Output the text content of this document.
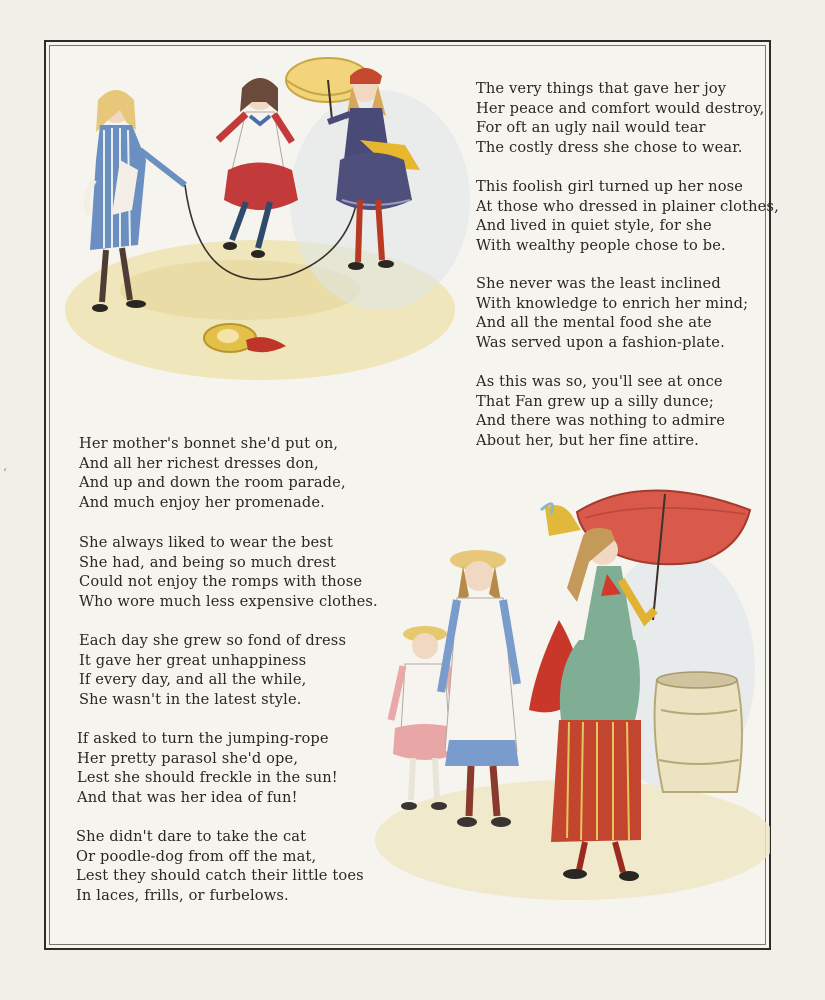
ʻ
The very things that gave her joy
Her peace and comfort would destroy,
For oft an ugly nail would tear
The costly dress she chose to wear.
This foolish girl turned up her nose
At those who dressed in plainer clothes,
And lived in quiet style, for she
With wealthy people chose to be.
She never was the least inclined
With knowledge to enrich her mind;
And all the mental food she ate
Was served upon a fashion-plate.
As this was so, you'll see at once
That Fan grew up a silly dunce;
And there was nothing to admire
About her, but her fine attire.
Her mother's bonnet she'd put on,
And all her richest dresses don,
And up and down the room parade,
And much enjoy her promenade.
She always liked to wear the best
She had, and being so much drest
Could not enjoy the romps with those
Who wore much less expensive clothes.
Each day she grew so fond of dress
It gave her great unhappiness
If every day, and all the while,
She wasn't in the latest style.
If asked to turn the jumping-rope
Her pretty parasol she'd ope,
Lest she should freckle in the sun!
And that was her idea of fun!
She didn't dare to take the cat
Or poodle-dog from off the mat,
Lest they should catch their little toes
In laces, frills, or furbelows.
